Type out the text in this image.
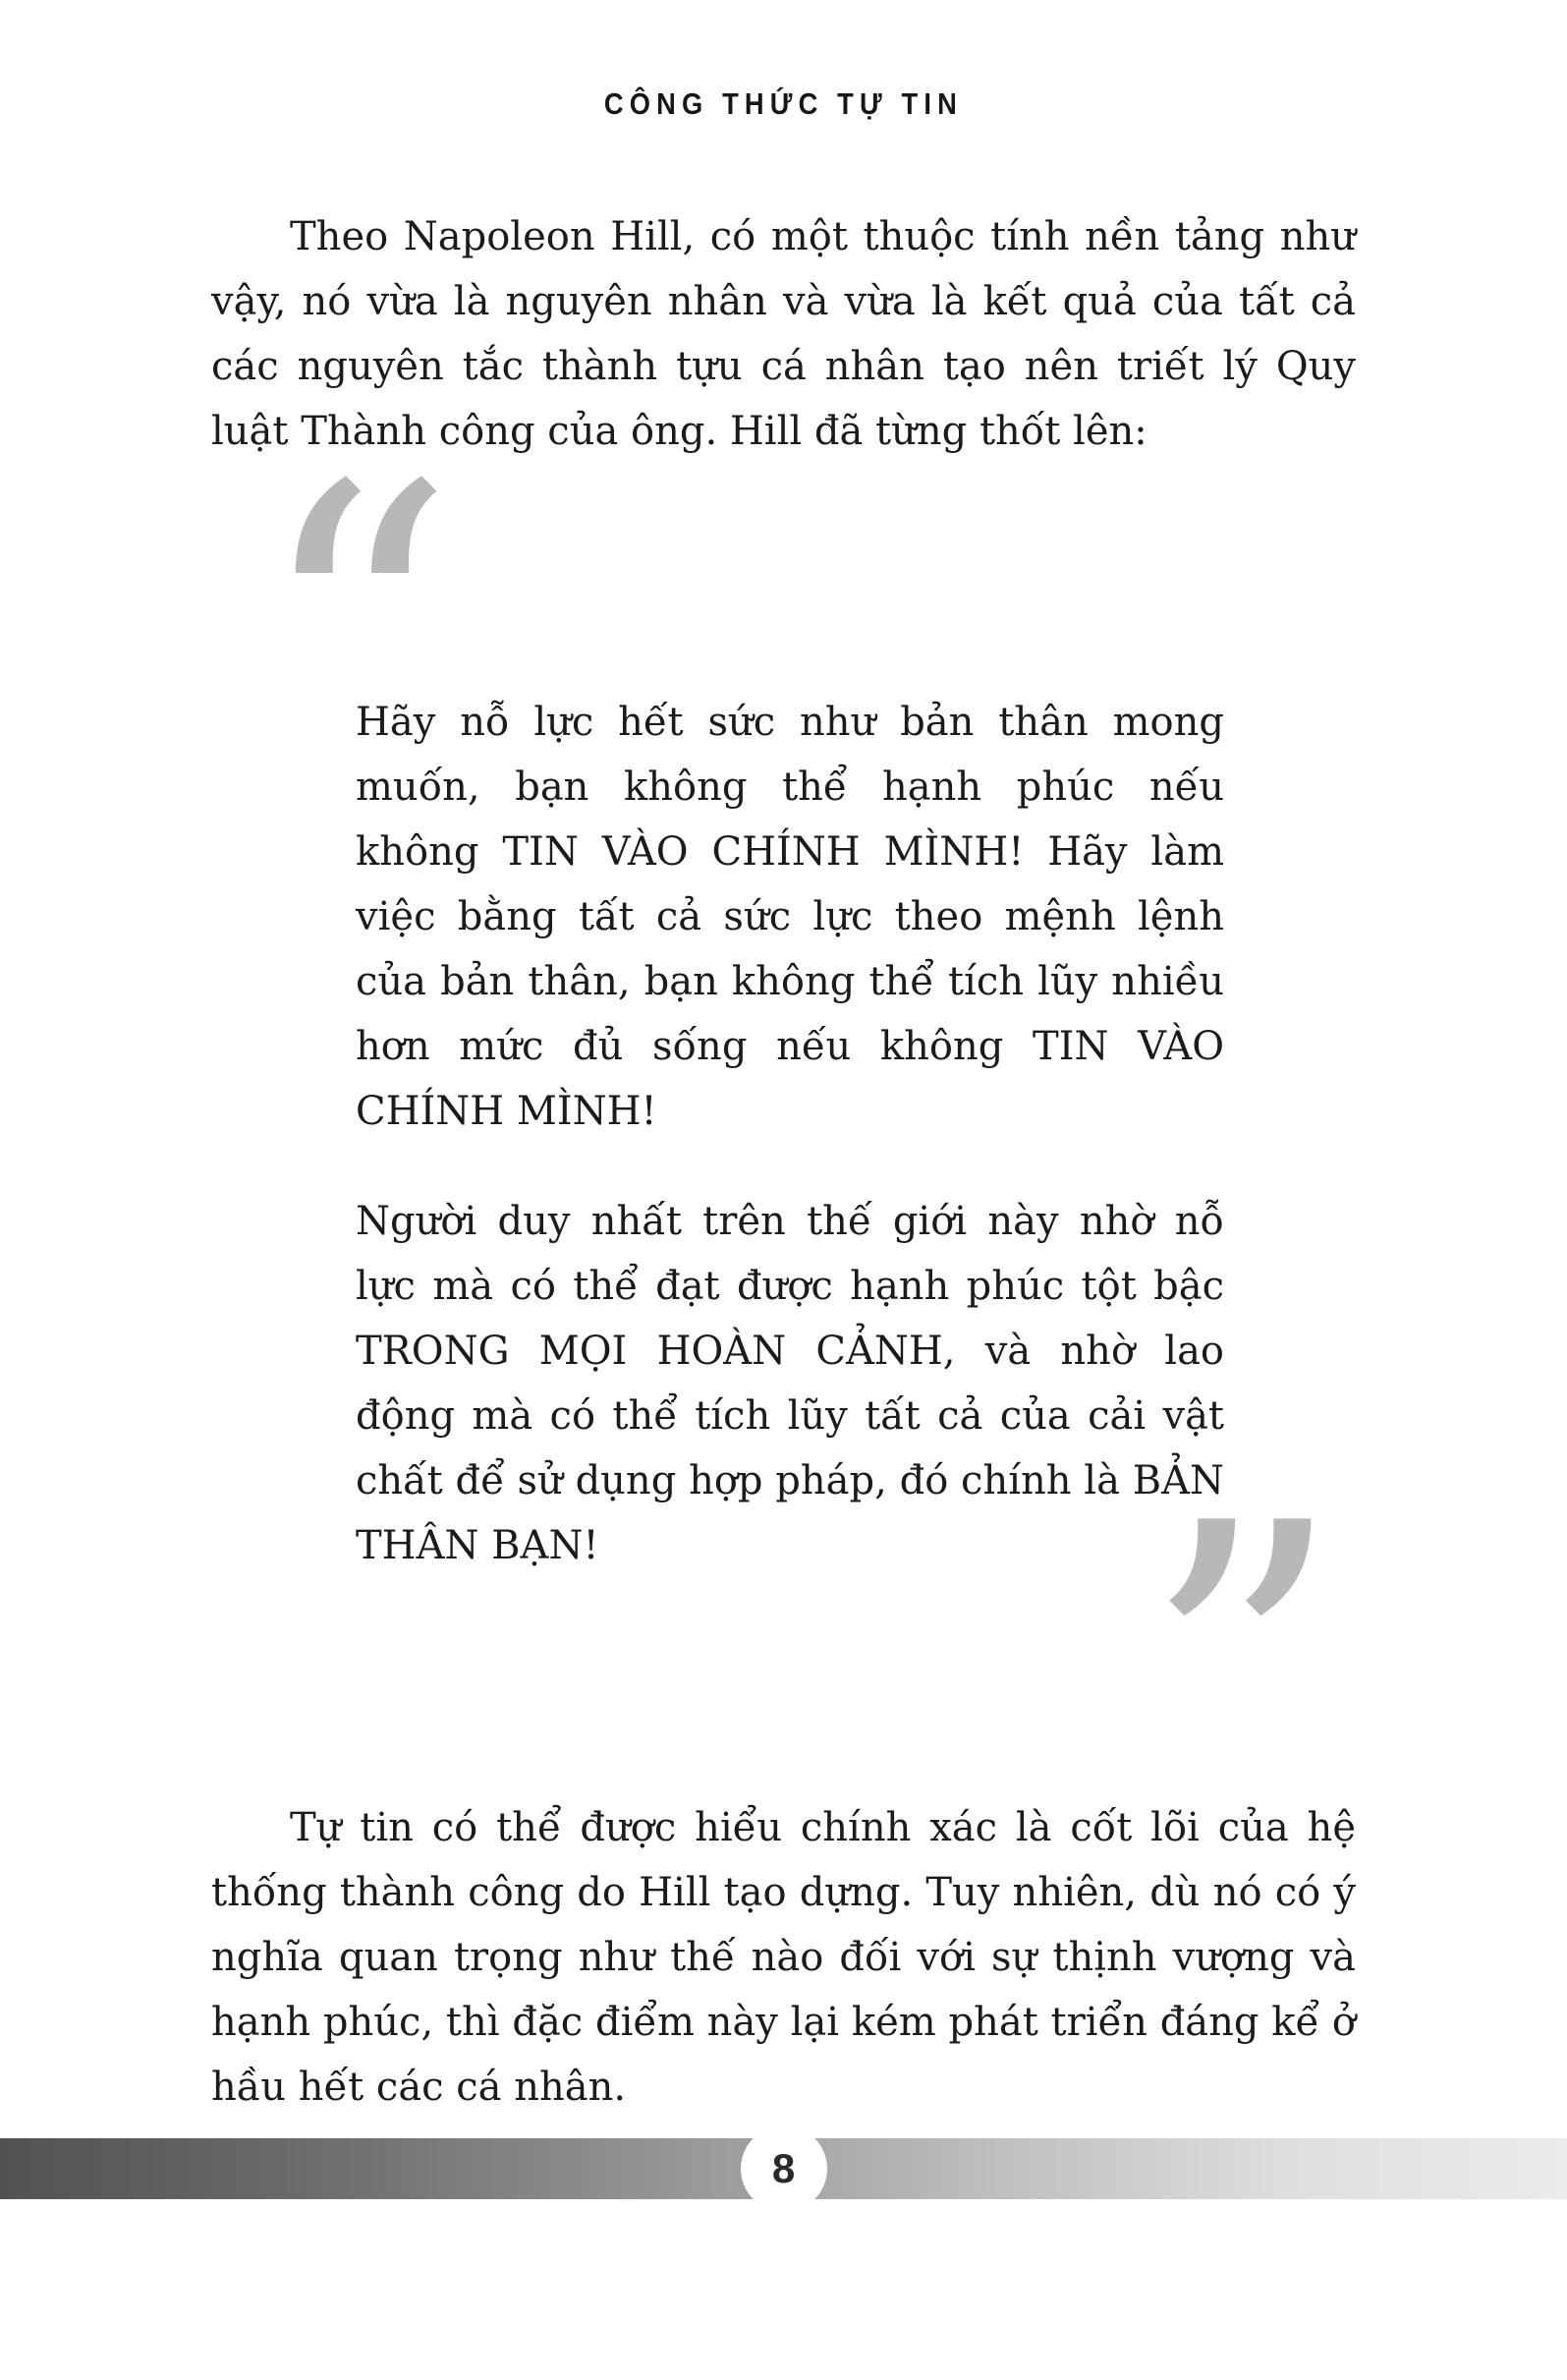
CÔNG THỨC TỰ TIN

Theo Napoleon Hill, có một thuộc tính nền tảng như vậy, nó vừa là nguyên nhân và vừa là kết quả của tất cả các nguyên tắc thành tựu cá nhân tạo nên triết lý Quy luật Thành công của ông. Hill đã từng thốt lên:

“

Hãy nỗ lực hết sức như bản thân mong muốn, bạn không thể hạnh phúc nếu không TIN VÀO CHÍNH MÌNH! Hãy làm việc bằng tất cả sức lực theo mệnh lệnh của bản thân, bạn không thể tích lũy nhiều hơn mức đủ sống nếu không TIN VÀO CHÍNH MÌNH!

Người duy nhất trên thế giới này nhờ nỗ lực mà có thể đạt được hạnh phúc tột bậc TRONG MỌI HOÀN CẢNH, và nhờ lao động mà có thể tích lũy tất cả của cải vật chất để sử dụng hợp pháp, đó chính là BẢN THÂN BẠN!	”

Tự tin có thể được hiểu chính xác là cốt lõi của hệ thống thành công do Hill tạo dựng. Tuy nhiên, dù nó có ý nghĩa quan trọng như thế nào đối với sự thịnh vượng và hạnh phúc, thì đặc điểm này lại kém phát triển đáng kể ở hầu hết các cá nhân.

8
